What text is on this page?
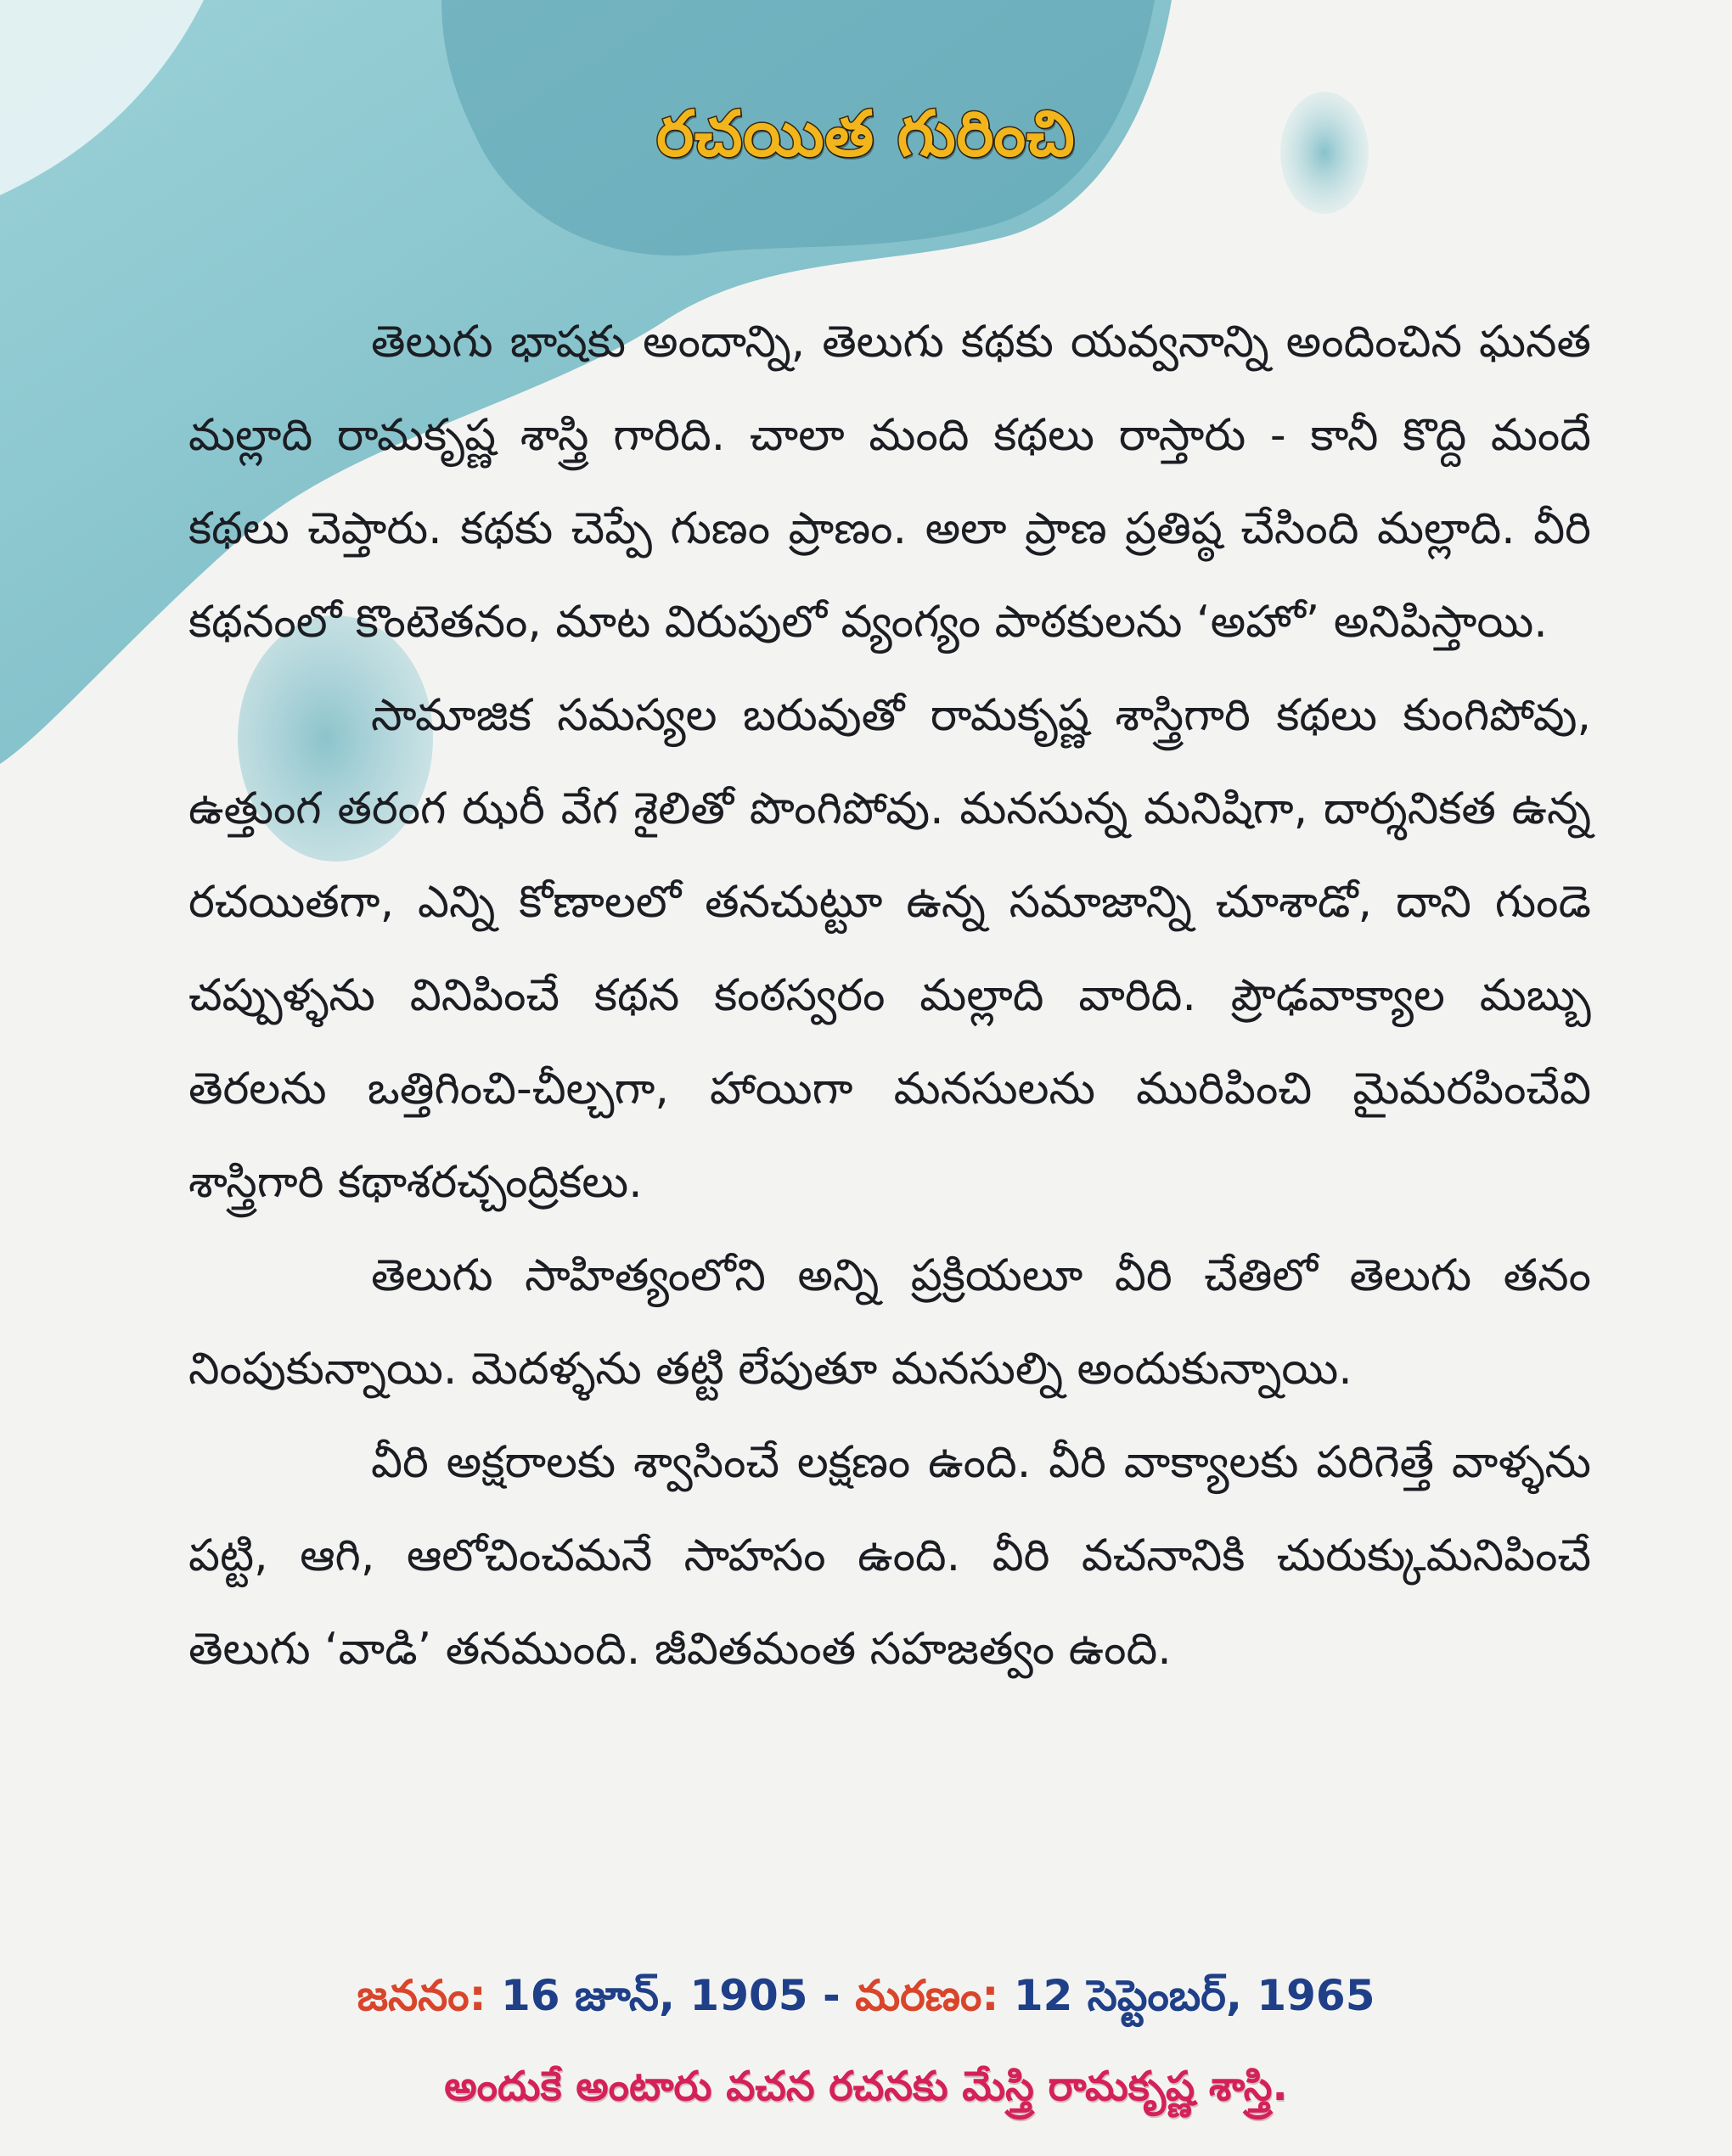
రచయిత గురించి

తెలుగు భాషకు అందాన్ని, తెలుగు కథకు యవ్వనాన్ని అందించిన ఘనత మల్లాది రామకృష్ణ శాస్త్రి గారిది. చాలా మంది కథలు రాస్తారు - కానీ కొద్ది మందే కథలు చెప్తారు. కథకు చెప్పే గుణం ప్రాణం. అలా ప్రాణ ప్రతిష్ఠ చేసింది మల్లాది. వీరి కథనంలో కొంటెతనం, మాట విరుపులో వ్యంగ్యం పాఠకులను ‘అహో’ అనిపిస్తాయి.

సామాజిక సమస్యల బరువుతో రామకృష్ణ శాస్త్రిగారి కథలు కుంగిపోవు, ఉత్తుంగ తరంగ ఝరీ వేగ శైలితో పొంగిపోవు. మనసున్న మనిషిగా, దార్శనికత ఉన్న రచయితగా, ఎన్ని కోణాలలో తనచుట్టూ ఉన్న సమాజాన్ని చూశాడో, దాని గుండె చప్పుళ్ళను వినిపించే కథన కంఠస్వరం మల్లాది వారిది. ప్రౌఢవాక్యాల మబ్బు తెరలను ఒత్తిగించి-చీల్చగా, హాయిగా మనసులను మురిపించి మైమరపించేవి శాస్త్రిగారి కథాశరచ్చంద్రికలు.

తెలుగు సాహిత్యంలోని అన్ని ప్రక్రియలూ వీరి చేతిలో తెలుగు తనం నింపుకున్నాయి. మెదళ్ళను తట్టి లేపుతూ మనసుల్ని అందుకున్నాయి.

వీరి అక్షరాలకు శ్వాసించే లక్షణం ఉంది. వీరి వాక్యాలకు పరిగెత్తే వాళ్ళను పట్టి, ఆగి, ఆలోచించమనే సాహసం ఉంది. వీరి వచనానికి చురుక్కుమనిపించే తెలుగు ‘వాడి’ తనముంది. జీవితమంత సహజత్వం ఉంది.

జననం: 16 జూన్, 1905 - మరణం: 12 సెప్టెంబర్, 1965
అందుకే అంటారు వచన రచనకు మేస్త్రి రామకృష్ణ శాస్త్రి.
